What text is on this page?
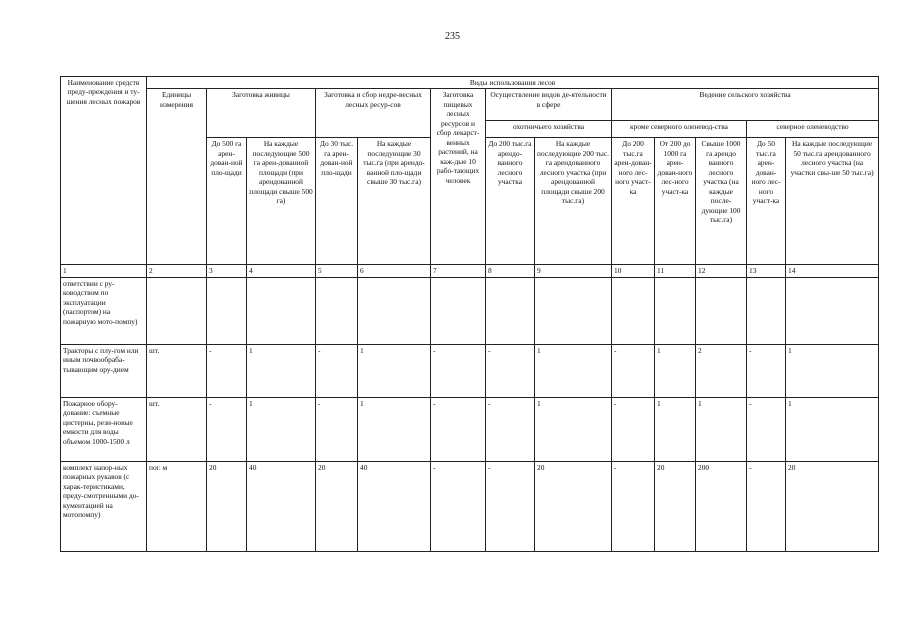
235
Наименование средств преду-преждения и ту-шения лесных пожаров	Виды использования лесов												
	Единицы измерения	Заготовка живицы		Заготовка и сбор недре-весных лесных ресур-сов		Заготовка пищевых лесных ресурсов и сбор лекарст-венных растений, на каж-дые 10 рабо-тающих человек	Осуществление видов де-ятельности в сфере		Ведение сельского хозяйства				
							охотничьего хозяйства		кроме северного оленевод-ства			северное оленеводство	
		До 500 га арен-дован-ной пло-щади	На каждые последующие 500 га арен-дованной площади (при арендованной площади свыше 500 га)	До 30 тыс. га арен-дован-ной пло-щади	На каждые последующие 30 тыс.га (при арендо-ванной пло-щади свыше 30 тыс.га)		До 200 тыс.га арендо-ванного лесного участка	На каждые последующие 200 тыс. га арендованного лесного участка (при арендованной площади свыше 200 тыс.га)	До 200 тыс.га арен-дован-ного лес-ного участ-ка	От 200 до 1000 га арен-дован-ного лес-ного участ-ка	Свыше 1000 га арендо ванного лесного участка (на каждые после-дующие 100 тыс.га)	До 50 тыс.га арен-дован-ного лес-ного участ-ка	На каждые последующие 50 тыс.га арендованного лесного участка (на участки свы-ше 50 тыс.га)
1	2	3	4	5	6	7	8	9	10	11	12	13	14
ответствии с ру-ководством по эксплуатации (паспортом) на пожарную мото-помпу)													
Тракторы с плу-гом или иным почвообраба-тывающим ору-дием	шт.	-	1	-	1	-	-	1	-	1	2	-	1
Пожарное обору-дование: съемные цистерны, рези-новые емкости для воды объемом 1000-1500 л	шт.	-	1	-	1	-	-	1	-	1	1	-	1
комплект напор-ных пожарных рукавов (с харак-теристиками, преду-смотренными до-кументацией на мотопомпу)	пог. м	20	40	20	40	-	-	20	-	20	200	-	20
